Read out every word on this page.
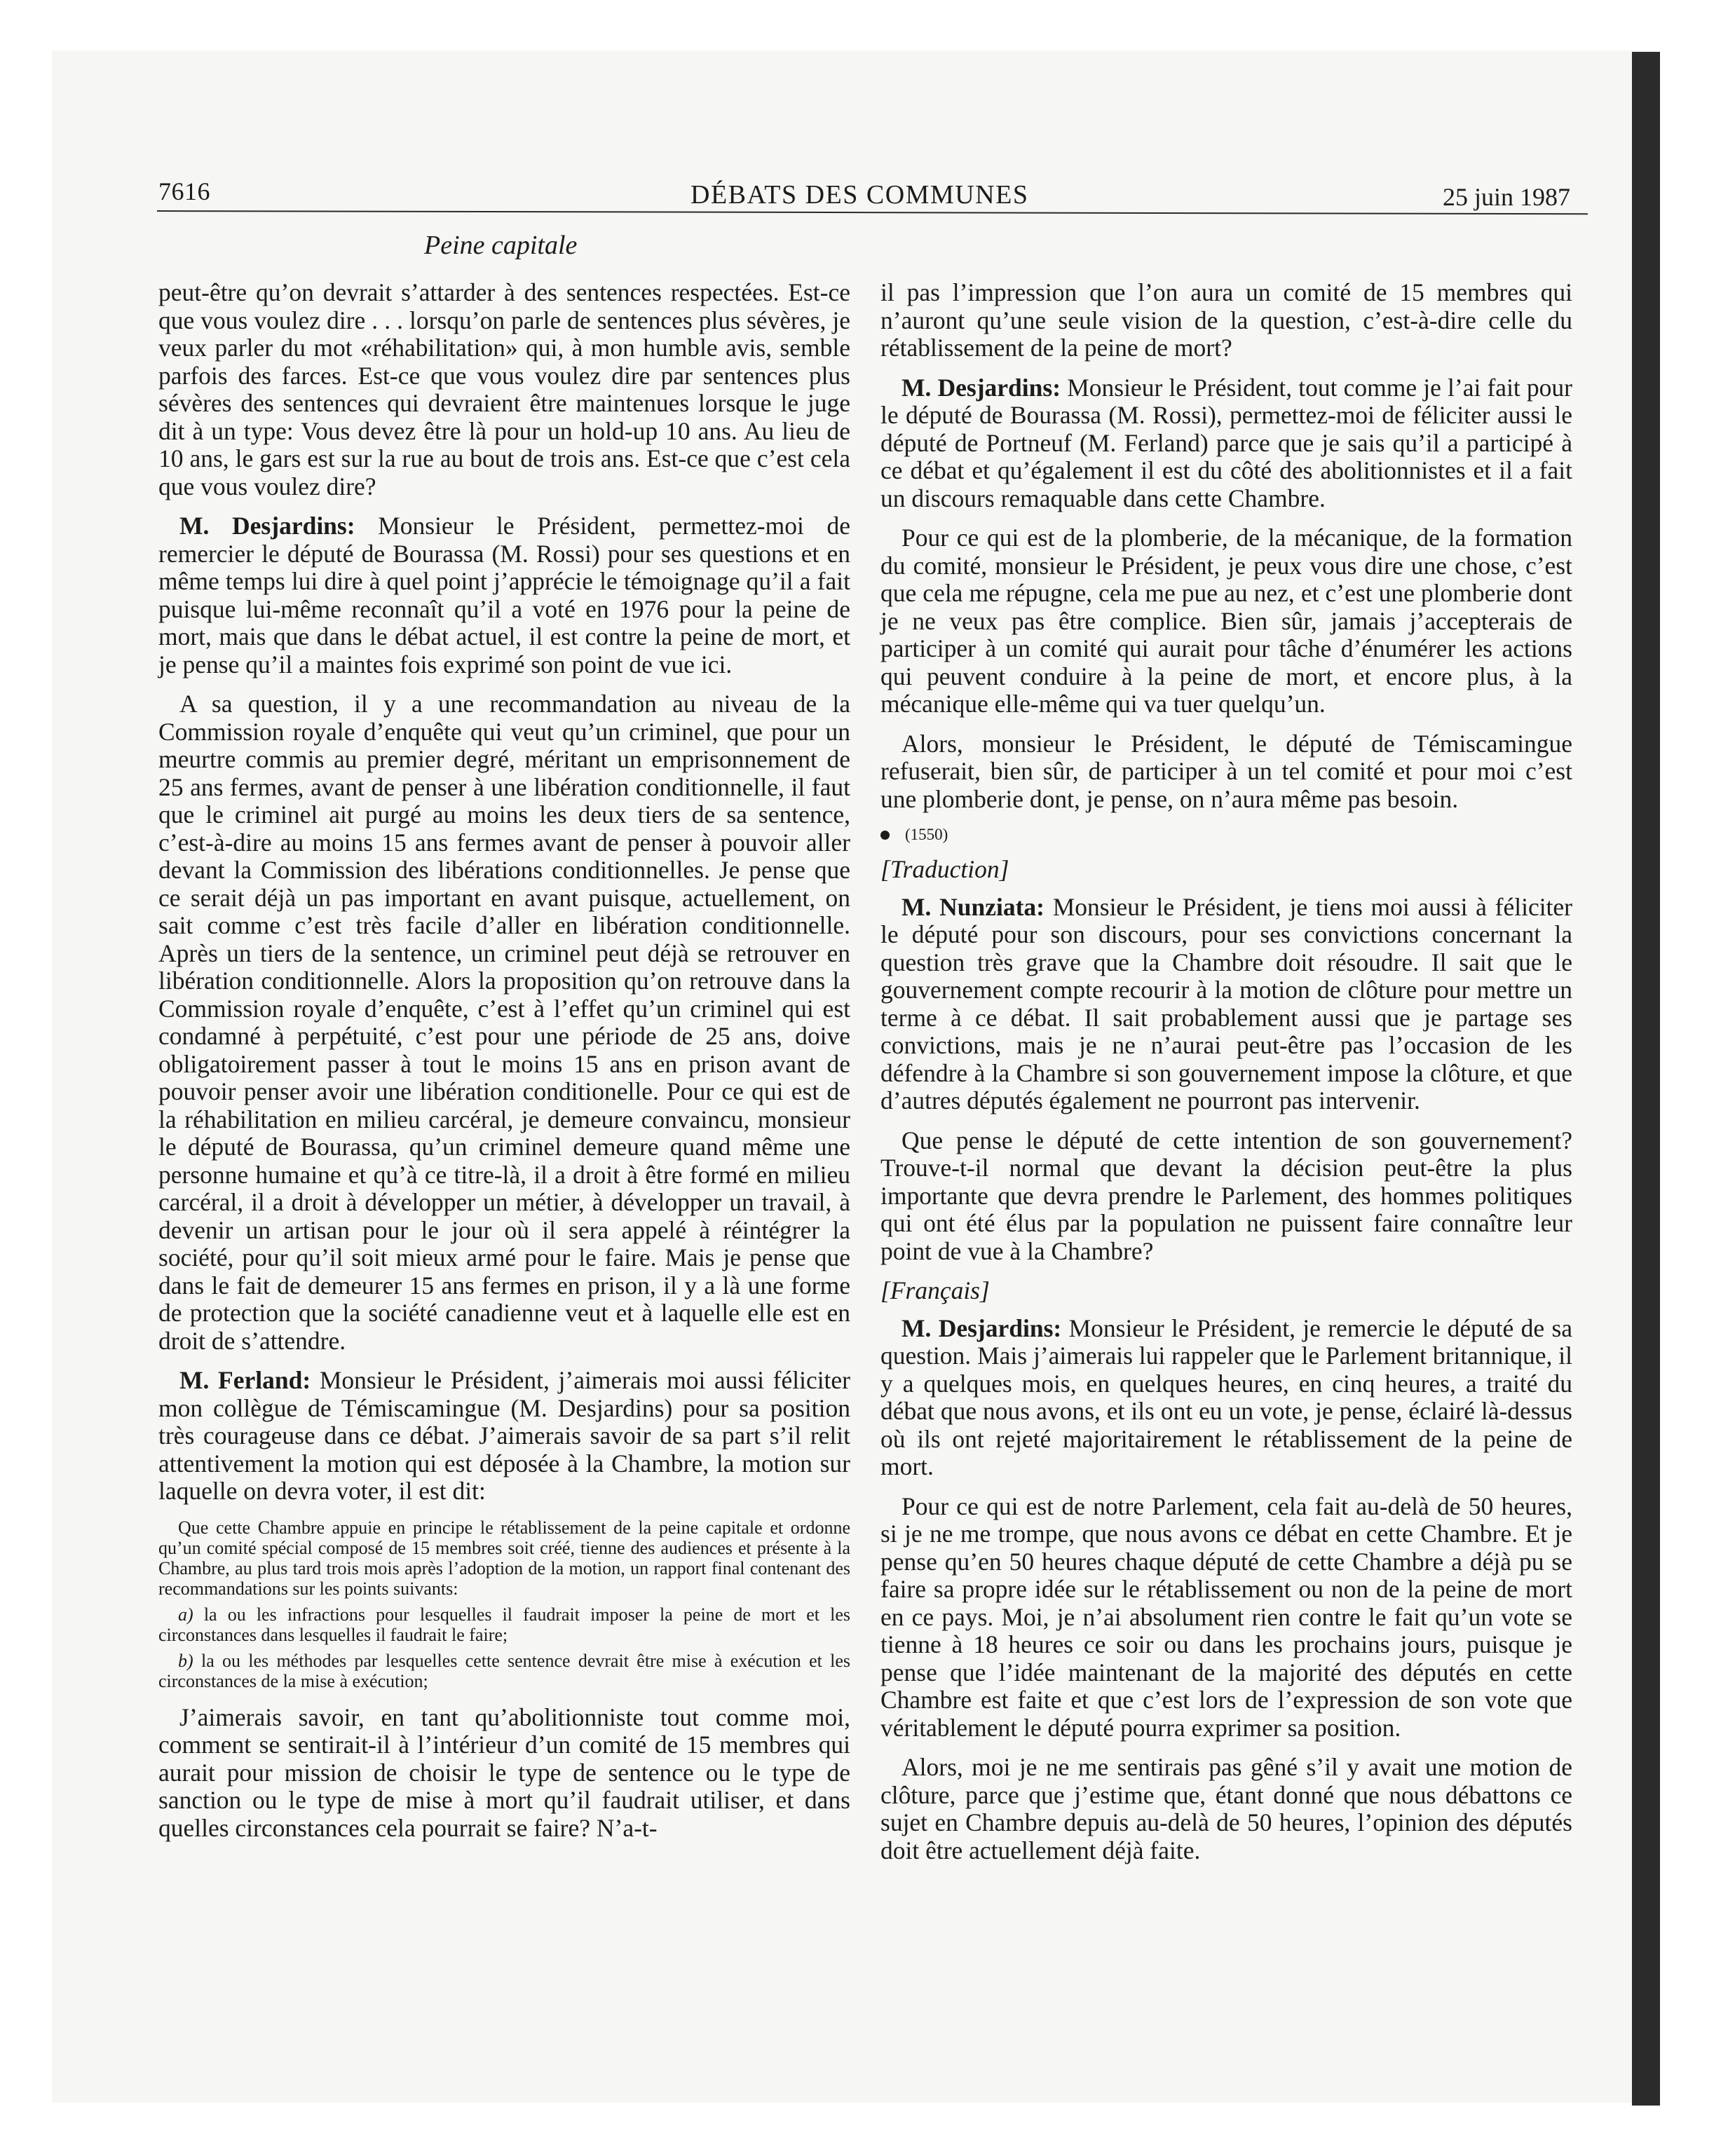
7616	DÉBATS DES COMMUNES	25 juin 1987
Peine capitale

peut-être qu’on devrait s’attarder à des sentences respectées. Est-ce que vous voulez dire . . . lorsqu’on parle de sentences plus sévères, je veux parler du mot «réhabilitation» qui, à mon humble avis, semble parfois des farces. Est-ce que vous voulez dire par sentences plus sévères des sentences qui devraient être maintenues lorsque le juge dit à un type: Vous devez être là pour un hold-up 10 ans. Au lieu de 10 ans, le gars est sur la rue au bout de trois ans. Est-ce que c’est cela que vous voulez dire?

M. Desjardins: Monsieur le Président, permettez-moi de remercier le député de Bourassa (M. Rossi) pour ses questions et en même temps lui dire à quel point j’apprécie le témoignage qu’il a fait puisque lui-même reconnaît qu’il a voté en 1976 pour la peine de mort, mais que dans le débat actuel, il est contre la peine de mort, et je pense qu’il a maintes fois exprimé son point de vue ici.

A sa question, il y a une recommandation au niveau de la Commission royale d’enquête qui veut qu’un criminel, que pour un meurtre commis au premier degré, méritant un emprisonnement de 25 ans fermes, avant de penser à une libération conditionnelle, il faut que le criminel ait purgé au moins les deux tiers de sa sentence, c’est-à-dire au moins 15 ans fermes avant de penser à pouvoir aller devant la Commission des libérations conditionnelles. Je pense que ce serait déjà un pas important en avant puisque, actuellement, on sait comme c’est très facile d’aller en libération conditionnelle. Après un tiers de la sentence, un criminel peut déjà se retrouver en libération conditionnelle. Alors la proposition qu’on retrouve dans la Commission royale d’enquête, c’est à l’effet qu’un criminel qui est condamné à perpétuité, c’est pour une période de 25 ans, doive obligatoirement passer à tout le moins 15 ans en prison avant de pouvoir penser avoir une libération conditionelle. Pour ce qui est de la réhabilitation en milieu carcéral, je demeure convaincu, monsieur le député de Bourassa, qu’un criminel demeure quand même une personne humaine et qu’à ce titre-là, il a droit à être formé en milieu carcéral, il a droit à développer un métier, à développer un travail, à devenir un artisan pour le jour où il sera appelé à réintégrer la société, pour qu’il soit mieux armé pour le faire. Mais je pense que dans le fait de demeurer 15 ans fermes en prison, il y a là une forme de protection que la société canadienne veut et à laquelle elle est en droit de s’attendre.

M. Ferland: Monsieur le Président, j’aimerais moi aussi féliciter mon collègue de Témiscamingue (M. Desjardins) pour sa position très courageuse dans ce débat. J’aimerais savoir de sa part s’il relit attentivement la motion qui est déposée à la Chambre, la motion sur laquelle on devra voter, il est dit:

Que cette Chambre appuie en principe le rétablissement de la peine capitale et ordonne qu’un comité spécial composé de 15 membres soit créé, tienne des audiences et présente à la Chambre, au plus tard trois mois après l’adoption de la motion, un rapport final contenant des recommandations sur les points suivants:

a) la ou les infractions pour lesquelles il faudrait imposer la peine de mort et les circonstances dans lesquelles il faudrait le faire;

b) la ou les méthodes par lesquelles cette sentence devrait être mise à exécution et les circonstances de la mise à exécution;

J’aimerais savoir, en tant qu’abolitionniste tout comme moi, comment se sentirait-il à l’intérieur d’un comité de 15 membres qui aurait pour mission de choisir le type de sentence ou le type de sanction ou le type de mise à mort qu’il faudrait utiliser, et dans quelles circonstances cela pourrait se faire? N’a-t-

il pas l’impression que l’on aura un comité de 15 membres qui n’auront qu’une seule vision de la question, c’est-à-dire celle du rétablissement de la peine de mort?

M. Desjardins: Monsieur le Président, tout comme je l’ai fait pour le député de Bourassa (M. Rossi), permettez-moi de féliciter aussi le député de Portneuf (M. Ferland) parce que je sais qu’il a participé à ce débat et qu’également il est du côté des abolitionnistes et il a fait un discours remaquable dans cette Chambre.

Pour ce qui est de la plomberie, de la mécanique, de la formation du comité, monsieur le Président, je peux vous dire une chose, c’est que cela me répugne, cela me pue au nez, et c’est une plomberie dont je ne veux pas être complice. Bien sûr, jamais j’accepterais de participer à un comité qui aurait pour tâche d’énumérer les actions qui peuvent conduire à la peine de mort, et encore plus, à la mécanique elle-même qui va tuer quelqu’un.

Alors, monsieur le Président, le député de Témiscamingue refuserait, bien sûr, de participer à un tel comité et pour moi c’est une plomberie dont, je pense, on n’aura même pas besoin.

(1550)
[Traduction]

M. Nunziata: Monsieur le Président, je tiens moi aussi à féliciter le député pour son discours, pour ses convictions concernant la question très grave que la Chambre doit résoudre. Il sait que le gouvernement compte recourir à la motion de clôture pour mettre un terme à ce débat. Il sait probablement aussi que je partage ses convictions, mais je ne n’aurai peut-être pas l’occasion de les défendre à la Chambre si son gouvernement impose la clôture, et que d’autres députés également ne pourront pas intervenir.

Que pense le député de cette intention de son gouvernement? Trouve-t-il normal que devant la décision peut-être la plus importante que devra prendre le Parlement, des hommes politiques qui ont été élus par la population ne puissent faire connaître leur point de vue à la Chambre?

[Français]

M. Desjardins: Monsieur le Président, je remercie le député de sa question. Mais j’aimerais lui rappeler que le Parlement britannique, il y a quelques mois, en quelques heures, en cinq heures, a traité du débat que nous avons, et ils ont eu un vote, je pense, éclairé là-dessus où ils ont rejeté majoritairement le rétablissement de la peine de mort.

Pour ce qui est de notre Parlement, cela fait au-delà de 50 heures, si je ne me trompe, que nous avons ce débat en cette Chambre. Et je pense qu’en 50 heures chaque député de cette Chambre a déjà pu se faire sa propre idée sur le rétablissement ou non de la peine de mort en ce pays. Moi, je n’ai absolument rien contre le fait qu’un vote se tienne à 18 heures ce soir ou dans les prochains jours, puisque je pense que l’idée maintenant de la majorité des députés en cette Chambre est faite et que c’est lors de l’expression de son vote que véritablement le député pourra exprimer sa position.

Alors, moi je ne me sentirais pas gêné s’il y avait une motion de clôture, parce que j’estime que, étant donné que nous débattons ce sujet en Chambre depuis au-delà de 50 heures, l’opinion des députés doit être actuellement déjà faite.
